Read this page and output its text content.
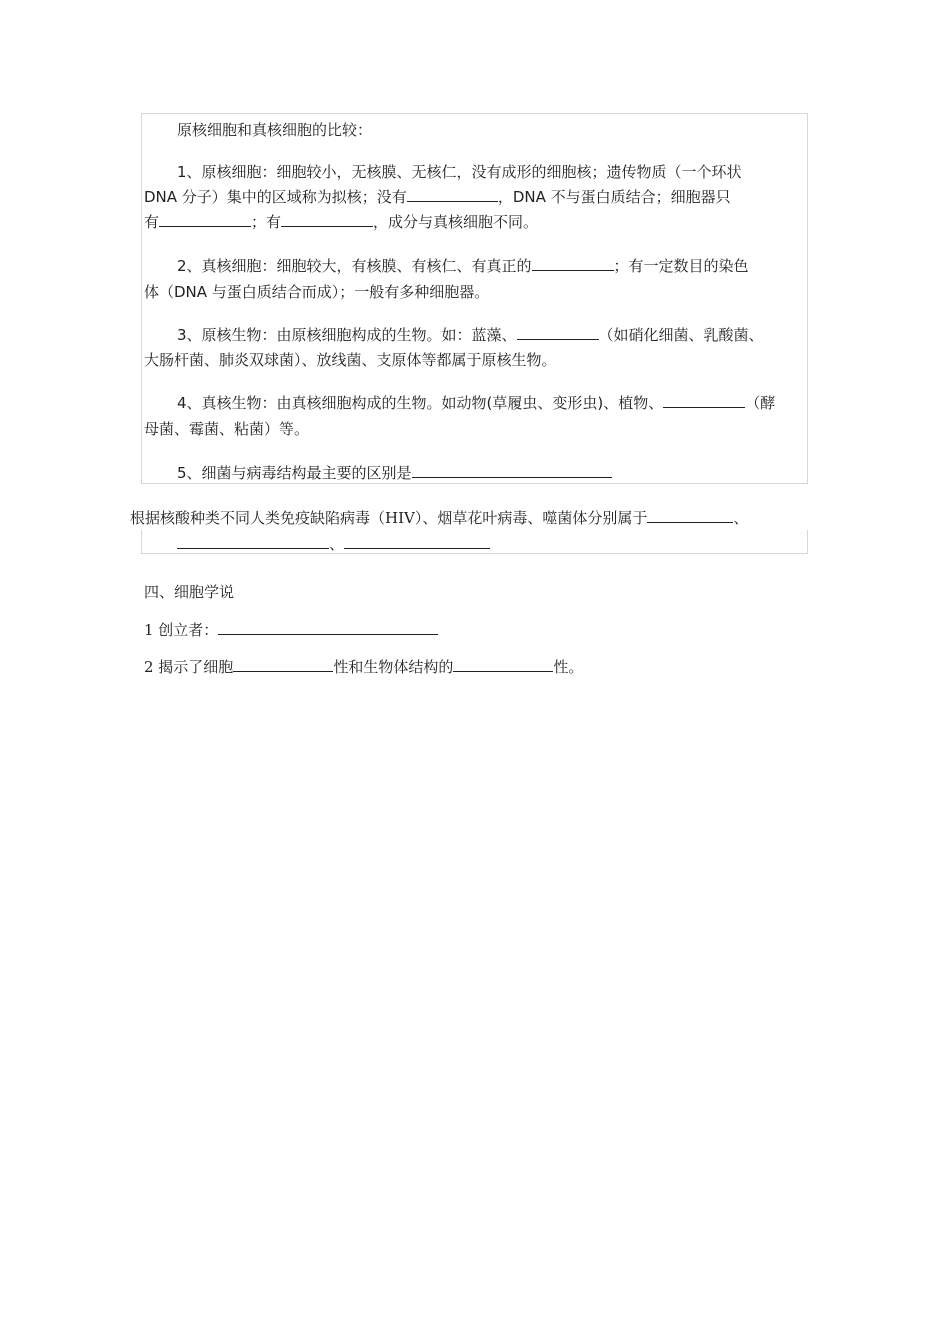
原核细胞和真核细胞的比较：
1、原核细胞：细胞较小，无核膜、无核仁，没有成形的细胞核；遗传物质（一个环状
DNA 分子）集中的区域称为拟核；没有	，DNA 不与蛋白质结合；细胞器只
有	；有	，成分与真核细胞不同。
2、真核细胞：细胞较大，有核膜、有核仁、有真正的	；有一定数目的染色
体（DNA 与蛋白质结合而成）；一般有多种细胞器。
3、原核生物：由原核细胞构成的生物。如：蓝藻、	（如硝化细菌、乳酸菌、
大肠杆菌、肺炎双球菌）、放线菌、支原体等都属于原核生物。
4、真核生物：由真核细胞构成的生物。如动物(草履虫、变形虫)、植物、	（酵
母菌、霉菌、粘菌）等。
5、细菌与病毒结构最主要的区别是
根据核酸种类不同人类免疫缺陷病毒（HIV）、烟草花叶病毒、噬菌体分别属于	、
、
四、细胞学说
1 创立者：
2 揭示了细胞	性和生物体结构的	性。
